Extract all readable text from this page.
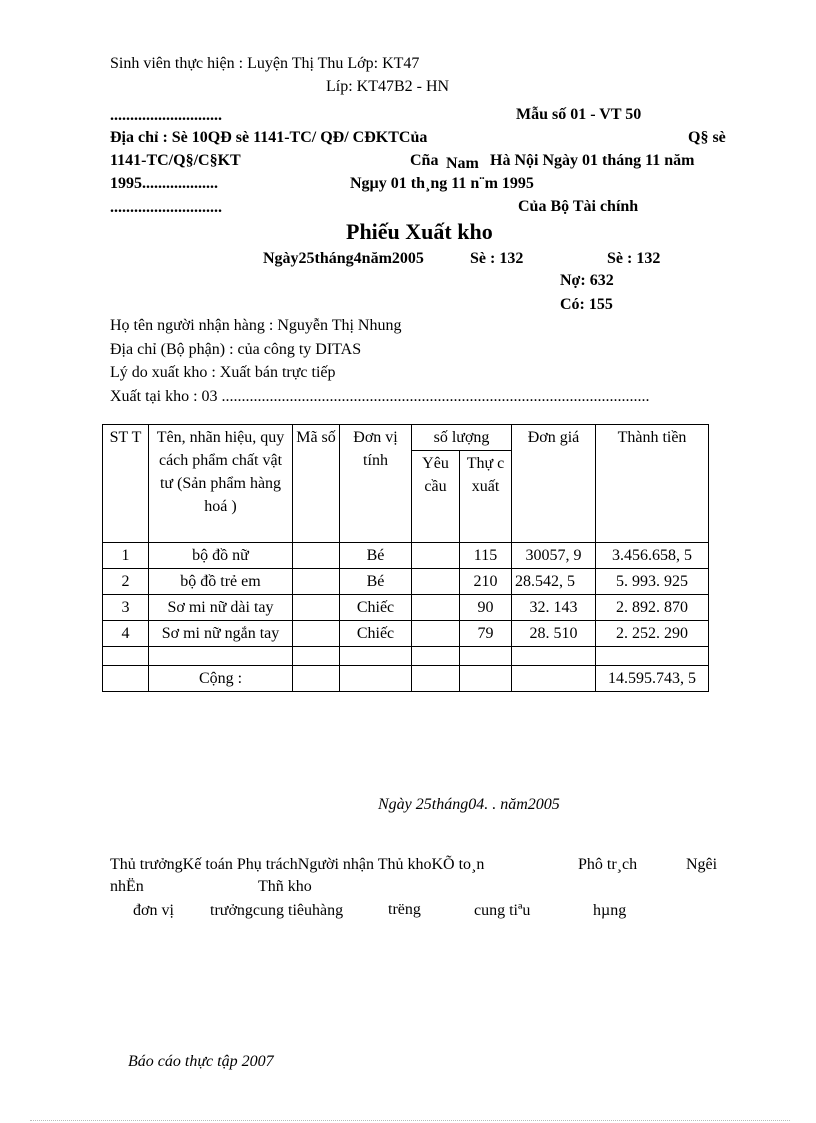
Sinh viên thực hiện : Luyện Thị Thu Lớp: KT47
Líp: KT47B2 - HN
............................	Mẫu số 01 - VT 50
Địa chỉ : Sè 10QĐ sè 1141-TC/ QĐ/ CĐKTCủa	Q§ sè
1141-TC/Q§/C§KT	Cña Nam Hà Nội Ngày 01 tháng 11 năm
1995...................	Ngµy 01 th¸ng 11 n¨m 1995
............................	Của Bộ Tài chính
Phiếu Xuất kho
Ngày25tháng4năm2005	Sè : 132	Sè : 132
Nợ: 632
Có: 155
Họ tên người nhận hàng : Nguyễn Thị Nhung
Địa chỉ (Bộ phận) : của công ty DITAS
Lý do xuất kho : Xuất bán trực tiếp
Xuất tại kho : 03 ...........................................................................................................
ST T	Tên, nhãn hiệu, quy cách phẩm chất vật tư (Sản phẩm hàng hoá )	Mã số	Đơn vị tính	số lượng		Đơn giá	Thành tiền
				Yêu cầu	Thự c xuất		
1	bộ đồ nữ		Bé		115	30057, 9	3.456.658, 5
2	bộ đồ trẻ em		Bé		210	28.542, 5	5. 993. 925
3	Sơ mi nữ dài tay		Chiếc		90	32. 143	2. 892. 870
4	Sơ mi nữ ngắn tay		Chiếc		79	28. 510	2. 252. 290

	Cộng :						14.595.743, 5
Ngày 25tháng04. . năm2005
Thủ trưởngKế toán Phụ tráchNgười nhận Thủ khoKÕ to¸n	Phô tr¸ch	Ngêi
nhËn	Thñ kho
đơn vị trưởngcung tiêuhàng	trëng	cung tiªu	hµng
Báo cáo thực tập 2007
